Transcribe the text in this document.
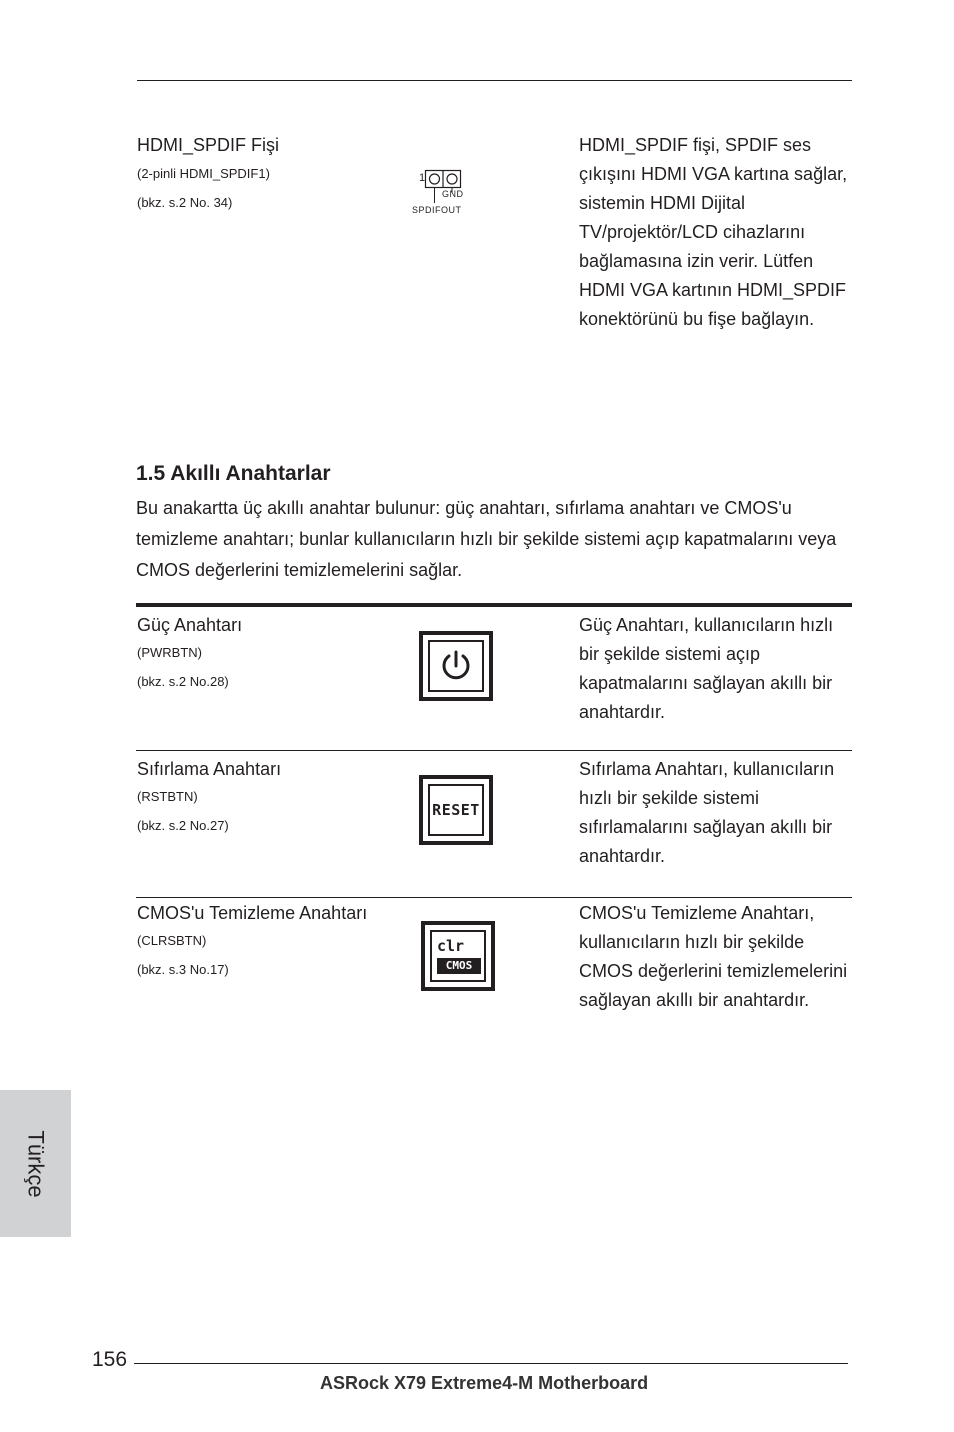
HDMI_SPDIF Fişi
(2-pinli HDMI_SPDIF1)
(bkz. s.2 No. 34)
1
GND
SPDIFOUT
HDMI_SPDIF fişi, SPDIF ses çıkışını HDMI VGA kartına sağlar, sistemin HDMI Dijital TV/projektör/LCD cihazlarını bağlamasına izin verir. Lütfen HDMI VGA kartının HDMI_SPDIF konektörünü bu fişe bağlayın.
1.5 Akıllı Anahtarlar
Bu anakartta üç akıllı anahtar bulunur: güç anahtarı, sıfırlama anahtarı ve CMOS'u temizleme anahtarı; bunlar kullanıcıların hızlı bir şekilde sistemi açıp kapatmalarını veya CMOS değerlerini temizlemelerini sağlar.
Güç Anahtarı
(PWRBTN)
(bkz. s.2 No.28)
Güç Anahtarı, kullanıcıların hızlı bir şekilde sistemi açıp kapatmalarını sağlayan akıllı bir anahtardır.
Sıfırlama Anahtarı
(RSTBTN)
(bkz. s.2 No.27)
RESET
Sıfırlama Anahtarı, kullanıcıların hızlı bir şekilde sistemi sıfırlamalarını sağlayan akıllı bir anahtardır.
CMOS'u Temizleme Anahtarı
(CLRSBTN)
(bkz. s.3 No.17)
clr
CMOS
CMOS'u Temizleme Anahtarı, kullanıcıların hızlı bir şekilde CMOS değerlerini temizlemelerini sağlayan akıllı bir anahtardır.
Türkçe
156
ASRock X79 Extreme4-M Motherboard
